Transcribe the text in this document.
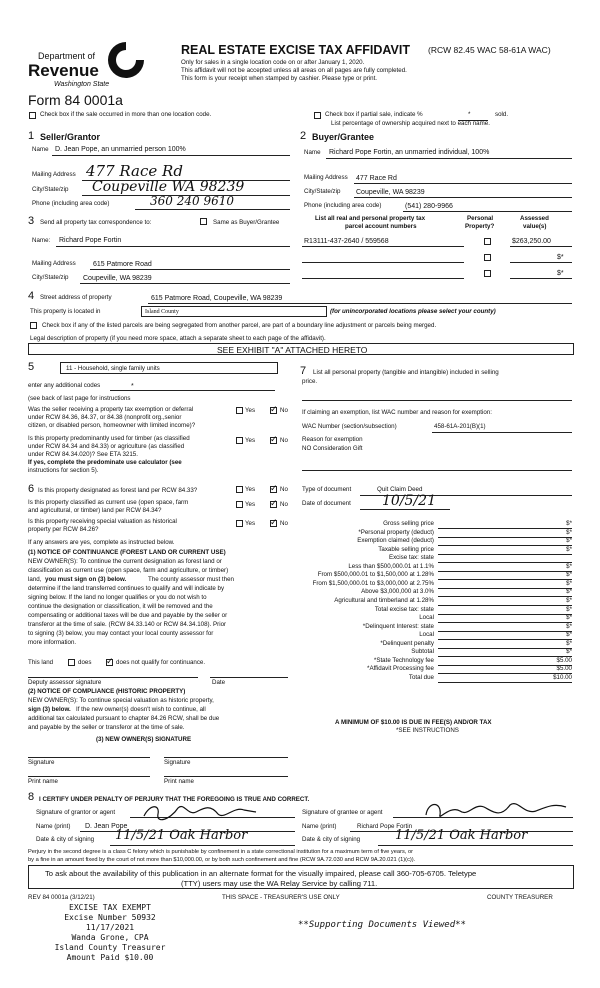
Department of
Revenue
Washington State
Form 84 0001a
REAL ESTATE EXCISE TAX AFFIDAVIT (RCW 82.45 WAC 58-61A WAC)
Only for sales in a single location code on or after January 1, 2020.
This affidavit will not be accepted unless all areas on all pages are fully completed.
This form is your receipt when stamped by cashier. Please type or print.
Check box if the sale occurred in more than one location code.	Check box if partial sale, indicate %	*	sold.
List percentage of ownership acquired next to each name.
1 Seller/Grantor
Name D. Jean Pope, an unmarried person 100%
Mailing Address 477 Race Rd
City/State/zip Coupeville WA 98239
Phone (including area code)	360 240 9610
2 Buyer/Grantee
Name Richard Pope Fortin, an unmarried individual, 100%
Mailing Address 477 Race Rd
City/State/zip Coupeville, WA 98239
Phone (including area code)	(541) 280-9966
3 Send all property tax correspondence to:	Same as Buyer/Grantee
Name: Richard Pope Fortin
Mailing Address 615 Patmore Road
City/State/zip Coupeville, WA 98239
List all real and personal property tax
parcel account numbers
Personal
Property?
Assessed
value(s)
R13111-437-2640 / 559568	$263,250.00
$*
$*
4 Street address of property	615 Patmore Road, Coupeville, WA 98239
This property is located in	Island County	(for unincorporated locations please select your county)
Check box if any of the listed parcels are being segregated from another parcel, are part of a boundary line adjustment or parcels being merged.
Legal description of property (if you need more space, attach a separate sheet to each page of the affidavit).
SEE EXHIBIT "A" ATTACHED HERETO
5	11 - Household, single family units
enter any additional codes	*
(see back of last page for instructions
Was the seller receiving a property tax exemption or deferral
under RCW 84.36, 84.37, or 84.38 (nonprofit org.,senior
citizen, or disabled person, homeowner with limited income)?
Yes ✓ No
Is this property predominantly used for timber (as classified
under RCW 84.34 and 84.33) or agriculture (as classified
under RCW 84.34.020)? See ETA 3215.
If yes, complete the predominate use calculator (see
instructions for section 5).
Yes ✓ No
7 List all personal property (tangible and intangible) included in selling
price.
If claiming an exemption, list WAC number and reason for exemption:
WAC Number (section/subsection)	458-61A-201(B)(1)
Reason for exemption
NO Consideration Gift
6 Is this property designated as forest land per RCW 84.33?	Yes ✓ No
Is this property classified as current use (open space, farm
and agricultural, or timber) land per RCW 84.34?
Yes ✓ No
Is this property receiving special valuation as historical
property per RCW 84.26?
Yes ✓ No
If any answers are yes, complete as instructed below.
(1) NOTICE OF CONTINUANCE (FOREST LAND OR CURRENT USE)
NEW OWNER(S): To continue the current designation as forest land or
classification as current use (open space, farm and agriculture, or timber)
land, you must sign on (3) below.	The county assessor must then
determine if the land transferred continues to qualify and will indicate by
signing below. If the land no longer qualifies or you do not wish to
continue the designation or classification, it will be removed and the
compensating or additional taxes will be due and payable by the seller or
transferor at the time of sale. (RCW 84.33.140 or RCW 84.34.108). Prior
to signing (3) below, you may contact your local county assessor for
more information.
This land	does ✓ does not qualify for continuance.
Deputy assessor signature	Date
(2) NOTICE OF COMPLIANCE (HISTORIC PROPERTY)
NEW OWNER(S): To continue special valuation as historic property,
sign (3) below. If the new owner(s) doesn't wish to continue, all
additional tax calculated pursuant to chapter 84.26 RCW, shall be due
and payable by the seller or transferor at the time of sale.
(3) NEW OWNER(S) SIGNATURE
Signature	Signature
Print name	Print name
Type of document	Quit Claim Deed
Date of document 10/5/21
Gross selling price	$*
*Personal property (deduct)	$*
Exemption claimed (deduct)	$*
Taxable selling price	$*
Excise tax: state
Less than $500,000.01 at 1.1%	$*
From $500,000.01 to $1,500,000 at 1.28%	$*
From $1,500,000.01 to $3,000,000 at 2.75%	$*
Above $3,000,000 at 3.0%	$*
Agricultural and timberland at 1.28%	$*
Total excise tax: state	$*
Local	$*
*Delinquent Interest: state	$*
Local	$*
*Delinquent penalty	$*
Subtotal	$*
*State Technology fee	$5.00
*Affidavit Processing fee	$5.00
Total due	$10.00
A MINIMUM OF $10.00 IS DUE IN FEE(S) AND/OR TAX
*SEE INSTRUCTIONS
8 I CERTIFY UNDER PENALTY OF PERJURY THAT THE FOREGOING IS TRUE AND CORRECT.
Signature of grantor or agent	Signature of grantee or agent
Name (print) D. Jean Pope	Name (print)	Richard Pope Fortin
Date & city of signing 11/5/21 Oak Harbor	Date & city of signing	11/5/21 Oak Harbor
Perjury in the second degree is a class C felony which is punishable by confinement in a state correctional institution for a maximum term of five years, or
by a fine in an amount fixed by the court of not more than $10,000.00, or by both such confinement and fine (RCW 9A.72.030 and RCW 9A.20.021 (1)(c)).
To ask about the availability of this publication in an alternate format for the visually impaired, please call 360-705-6705. Teletype
(TTY) users may use the WA Relay Service by calling 711.
REV 84 0001a (3/12/21)	THIS SPACE - TREASURER'S USE ONLY	COUNTY TREASURER
EXCISE TAX EXEMPT
Excise Number 50932
11/17/2021
Wanda Grone, CPA
Island County Treasurer
Amount Paid $10.00
**Supporting Documents Viewed**
